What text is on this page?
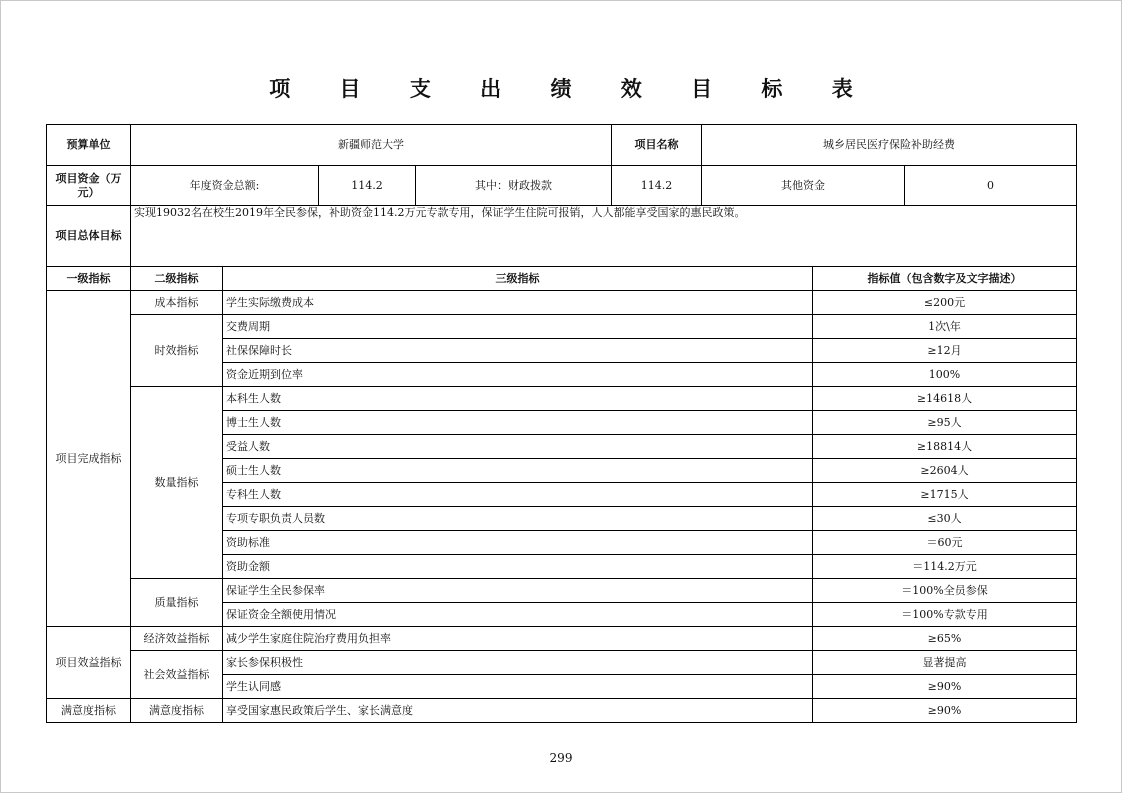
项 目 支 出 绩 效 目 标 表
预算单位	新疆师范大学				项目名称	城乡居民医疗保险补助经费		
项目资金（万元）	年度资金总额:		114.2	其中：财政拨款	114.2	其他资金		0
项目总体目标	实现19032名在校生2019年全民参保，补助资金114.2万元专款专用，保证学生住院可报销，人人都能享受国家的惠民政策。							
一级指标	二级指标	三级指标					指标值（包含数字及文字描述）	
项目完成指标	成本指标	学生实际缴费成本					≤200元	
	时效指标	交费周期					1次\年	
		社保保障时长					≥12月	
		资金近期到位率					100%	
	数量指标	本科生人数					≥14618人	
		博士生人数					≥95人	
		受益人数					≥18814人	
		硕士生人数					≥2604人	
		专科生人数					≥1715人	
		专项专职负责人员数					≤30人	
		资助标准					＝60元	
		资助金额					＝114.2万元	
	质量指标	保证学生全民参保率					＝100%全员参保	
		保证资金全额使用情况					＝100%专款专用	
项目效益指标	经济效益指标	减少学生家庭住院治疗费用负担率					≥65%	
	社会效益指标	家长参保积极性					显著提高	
		学生认同感					≥90%	
满意度指标	满意度指标	享受国家惠民政策后学生、家长满意度					≥90%	
299
